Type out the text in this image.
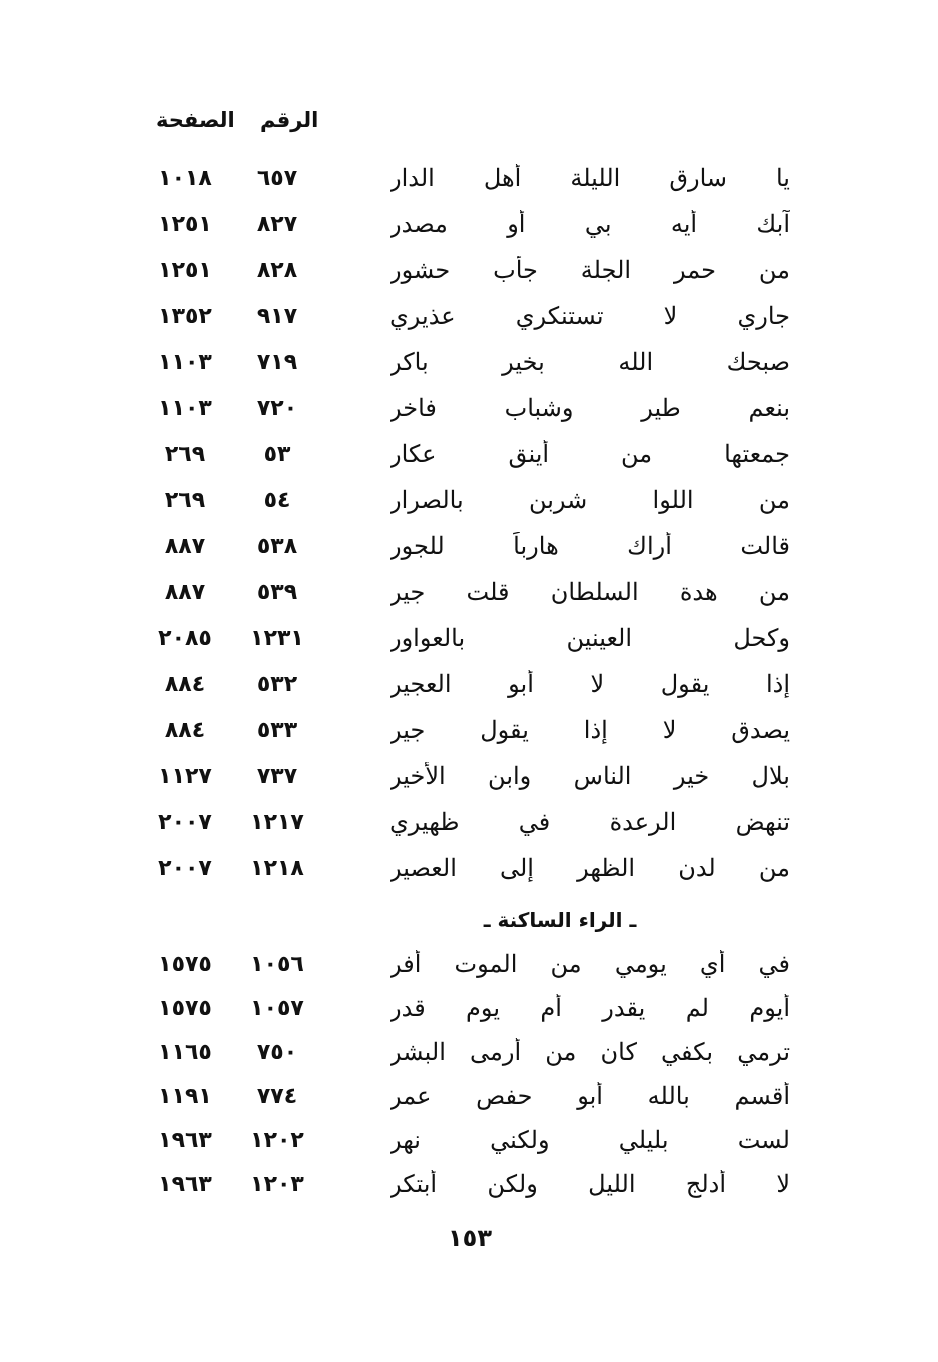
الرقم
الصفحة
يا سارق الليلة أهل الدار
٦٥٧
١٠١٨
آبك أيه بي أو مصدر
٨٢٧
١٢٥١
من حمر الجلة جأب حشور
٨٢٨
١٢٥١
جاري لا تستنكري عذيري
٩١٧
١٣٥٢
صبحك الله بخير باكر
٧١٩
١١٠٣
بنعم طير وشباب فاخر
٧٢٠
١١٠٣
جمعتها من أينق عكار
٥٣
٢٦٩
من اللوا شربن بالصرار
٥٤
٢٦٩
قالت أراك هارباً للجور
٥٣٨
٨٨٧
من هدة السلطان قلت جير
٥٣٩
٨٨٧
وكحل العينين بالعواور
١٢٣١
٢٠٨٥
إذا يقول لا أبو العجير
٥٣٢
٨٨٤
يصدق لا إذا يقول جير
٥٣٣
٨٨٤
بلال خير الناس وابن الأخير
٧٣٧
١١٢٧
تنهض الرعدة في ظهيري
١٢١٧
٢٠٠٧
من لدن الظهر إلى العصير
١٢١٨
٢٠٠٧
ـ الراء الساكنة ـ
في أي يومي من الموت أفر
١٠٥٦
١٥٧٥
أيوم لم يقدر أم يوم قدر
١٠٥٧
١٥٧٥
ترمي بكفي كان من أرمى البشر
٧٥٠
١١٦٥
أقسم بالله أبو حفص عمر
٧٧٤
١١٩١
لست بليلي ولكني نهر
١٢٠٢
١٩٦٣
لا أدلج الليل ولكن أبتكر
١٢٠٣
١٩٦٣
١٥٣
